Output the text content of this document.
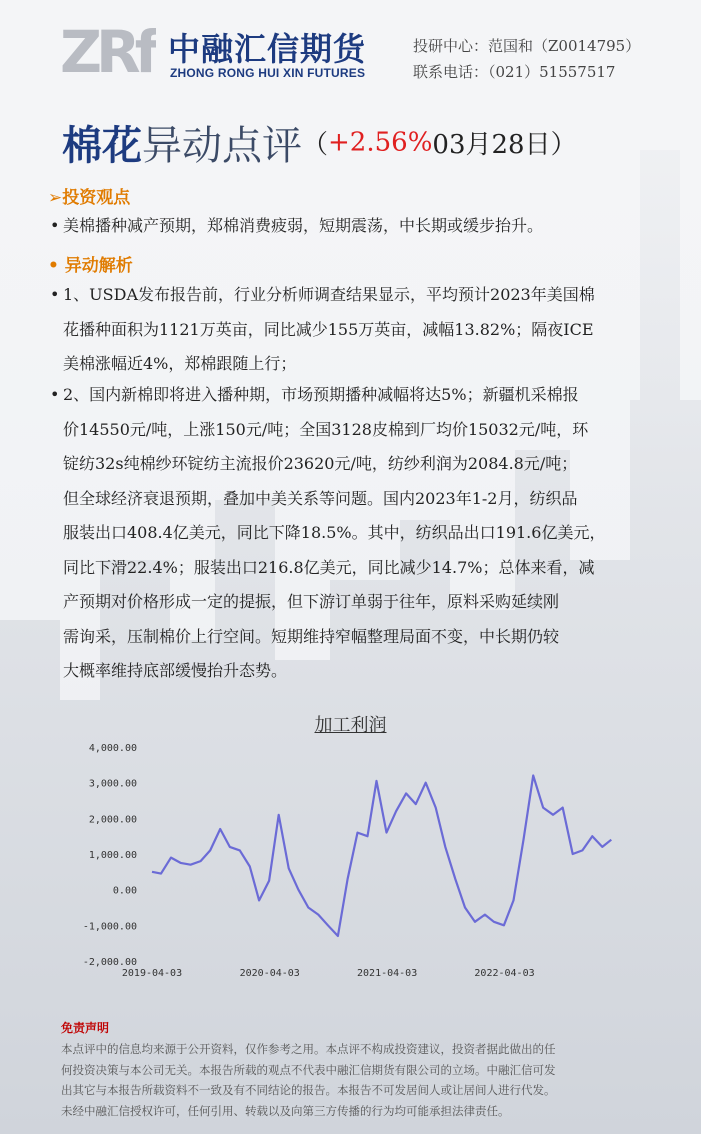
ZRf 中融汇信期货
ZHONG RONG HUI XIN FUTURES
投研中心：范国和（Z0014795）
联系电话：（021）51557517
棉花异动点评（+2.56%03月28日）
➢投资观点
• 美棉播种减产预期，郑棉消费疲弱，短期震荡，中长期或缓步抬升。
• 异动解析
• 1、USDA发布报告前，行业分析师调查结果显示，平均预计2023年美国棉
花播种面积为1121万英亩，同比减少155万英亩，减幅13.82%；隔夜ICE
美棉涨幅近4%，郑棉跟随上行；
• 2、国内新棉即将进入播种期，市场预期播种减幅将达5%；新疆机采棉报
价14550元/吨，上涨150元/吨；全国3128皮棉到厂均价15032元/吨，环
锭纺32s纯棉纱环锭纺主流报价23620元/吨，纺纱利润为2084.8元/吨；
但全球经济衰退预期，叠加中美关系等问题。国内2023年1-2月，纺织品
服装出口408.4亿美元，同比下降18.5%。其中，纺织品出口191.6亿美元，
同比下滑22.4%；服装出口216.8亿美元，同比减少14.7%；总体来看，减
产预期对价格形成一定的提振，但下游订单弱于往年，原料采购延续刚
需询采，压制棉价上行空间。短期维持窄幅整理局面不变，中长期仍较
大概率维持底部缓慢抬升态势。
加工利润
4,000.00
3,000.00
2,000.00
1,000.00
0.00
-1,000.00
-2,000.00
2019-04-03	2020-04-03	2021-04-03	2022-04-03
免责声明
本点评中的信息均来源于公开资料，仅作参考之用。本点评不构成投资建议，投资者据此做出的任
何投资决策与本公司无关。本报告所载的观点不代表中融汇信期货有限公司的立场。中融汇信可发
出其它与本报告所载资料不一致及有不同结论的报告。本报告不可发居间人或让居间人进行代发。
未经中融汇信授权许可，任何引用、转载以及向第三方传播的行为均可能承担法律责任。
